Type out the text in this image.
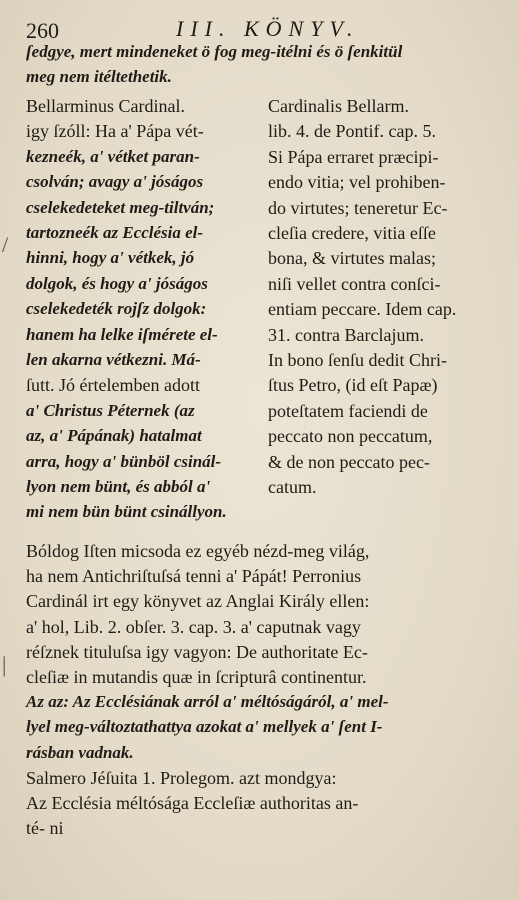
260	III. KÖNYV.
ſedgye, mert mindeneket ö fog meg-itélni és ö ſenkitül
meg nem itéltethetik.
Bellarminus Cardinal.
igy ſzóll: Ha a' Pápa vét-
kezneék, a' vétket paran-
csolván; avagy a' jóságos
cselekedeteket meg-tiltván;
tartozneék az Ecclésia el-
hinni, hogy a' vétkek, jó
dolgok, és hogy a' jóságos
cselekedeték rojſz dolgok:
hanem ha lelke iſmérete el-
len akarna vétkezni. Má-
ſutt. Jó értelemben adott
a' Christus Péternek (az
az, a' Pápának) hatalmat
arra, hogy a' bünböl csinál-
lyon nem bünt, és abból a'
mi nem bün bünt csinállyon.
Cardinalis Bellarm.
lib. 4. de Pontif. cap. 5.
Si Pápa erraret præcipi-
endo vitia; vel prohiben-
do virtutes; teneretur Ec-
cleſia credere, vitia eſſe
bona, & virtutes malas;
niſi vellet contra conſci-
entiam peccare. Idem cap.
31. contra Barclajum.
In bono ſenſu dedit Chri-
ſtus Petro, (id eſt Papæ)
poteſtatem faciendi de
peccato non peccatum,
& de non peccato pec-
catum.
Bóldog Iſten micsoda ez egyéb nézd-meg világ,
ha nem Antichriſtuſsá tenni a' Pápát! Perronius
Cardinál irt egy könyvet az Anglai Király ellen:
a' hol, Lib. 2. obſer. 3. cap. 3. a' caputnak vagy
réſznek tituluſsa igy vagyon: De authoritate Ec-
cleſiæ in mutandis quæ in ſcripturâ continentur.
Az az: Az Ecclésiának arról a' méltóságáról, a' mel-
lyel meg-változtathattya azokat a' mellyek a' ſent I-
rásban vadnak.
Salmero Jéſuita 1. Prolegom. azt mondgya:
Az Ecclésia méltósága Eccleſiæ authoritas an-
té- ni
/
|
